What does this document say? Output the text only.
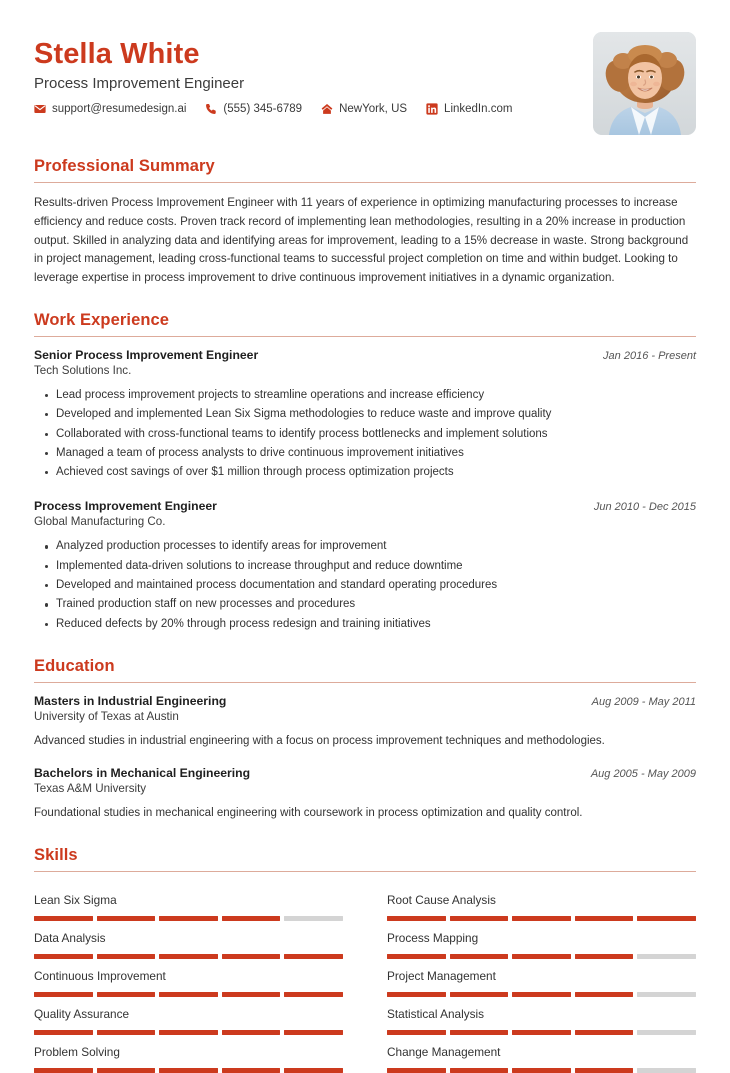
Stella White
Process Improvement Engineer
support@resumedesign.ai	(555) 345-6789	NewYork, US	LinkedIn.com
Professional Summary

Results-driven Process Improvement Engineer with 11 years of experience in optimizing manufacturing processes to increase efficiency and reduce costs. Proven track record of implementing lean methodologies, resulting in a 20% increase in production output. Skilled in analyzing data and identifying areas for improvement, leading to a 15% decrease in waste. Strong background in project management, leading cross-functional teams to successful project completion on time and within budget. Looking to leverage expertise in process improvement to drive continuous improvement initiatives in a dynamic organization.

Work Experience
Senior Process Improvement Engineer	Jan 2016 - Present
Tech Solutions Inc.
Lead process improvement projects to streamline operations and increase efficiency
Developed and implemented Lean Six Sigma methodologies to reduce waste and improve quality
Collaborated with cross-functional teams to identify process bottlenecks and implement solutions
Managed a team of process analysts to drive continuous improvement initiatives
Achieved cost savings of over $1 million through process optimization projects
Process Improvement Engineer	Jun 2010 - Dec 2015
Global Manufacturing Co.
Analyzed production processes to identify areas for improvement
Implemented data-driven solutions to increase throughput and reduce downtime
Developed and maintained process documentation and standard operating procedures
Trained production staff on new processes and procedures
Reduced defects by 20% through process redesign and training initiatives
Education
Masters in Industrial Engineering	Aug 2009 - May 2011
University of Texas at Austin
Advanced studies in industrial engineering with a focus on process improvement techniques and methodologies.
Bachelors in Mechanical Engineering	Aug 2005 - May 2009
Texas A&M University
Foundational studies in mechanical engineering with coursework in process optimization and quality control.
Skills
Lean Six Sigma	Root Cause Analysis
Data Analysis	Process Mapping
Continuous Improvement	Project Management
Quality Assurance	Statistical Analysis
Problem Solving	Change Management
